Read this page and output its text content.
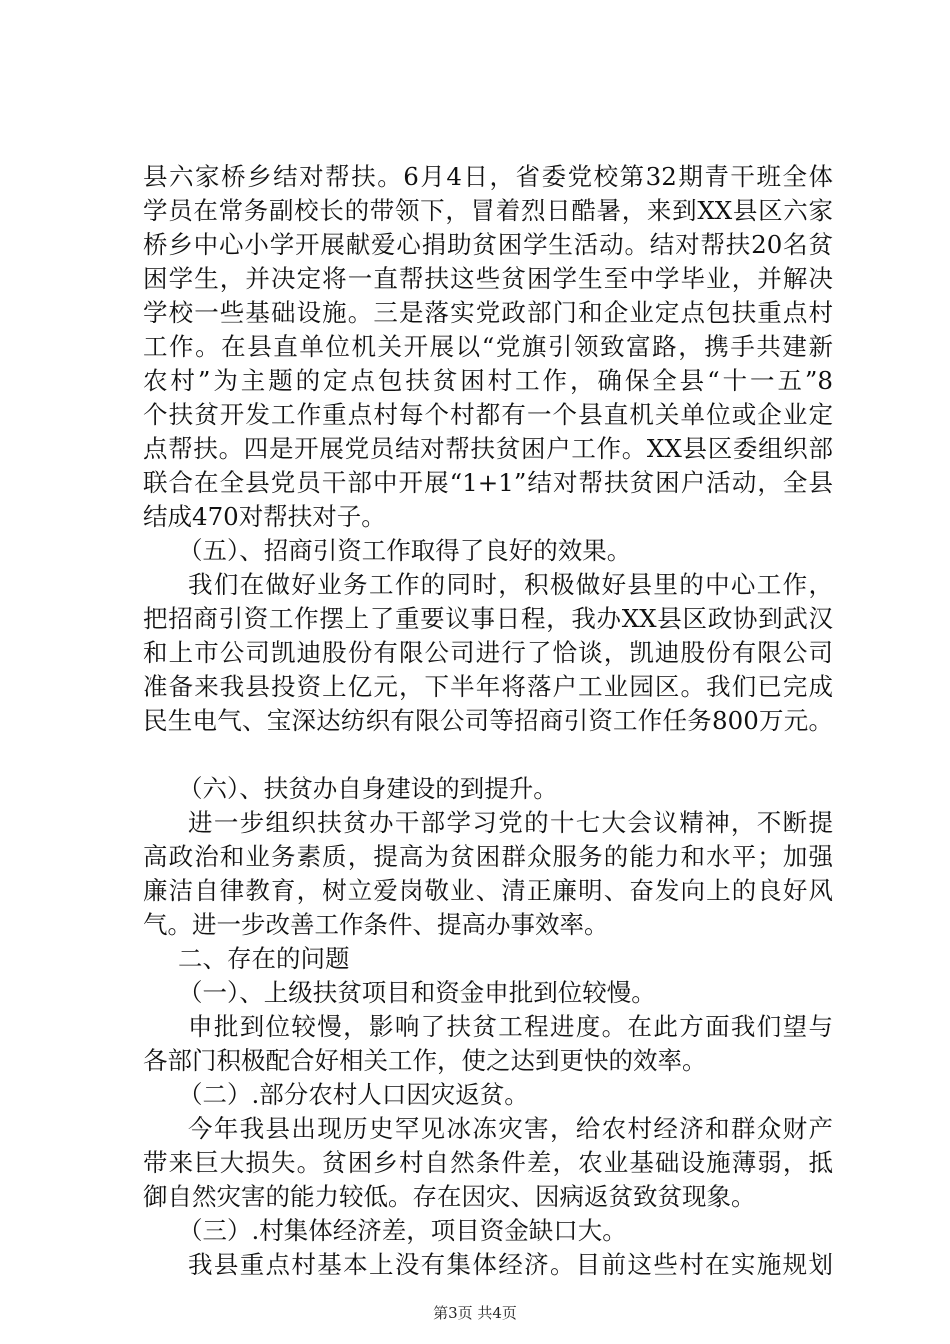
县六家桥乡结对帮扶。6月4日，省委党校第32期青干班全体
学员在常务副校长的带领下，冒着烈日酷暑，来到XX县区六家
桥乡中心小学开展献爱心捐助贫困学生活动。结对帮扶20名贫
困学生，并决定将一直帮扶这些贫困学生至中学毕业，并解决
学校一些基础设施。三是落实党政部门和企业定点包扶重点村
工作。在县直单位机关开展以“党旗引领致富路，携手共建新
农村”为主题的定点包扶贫困村工作，确保全县“十一五”8
个扶贫开发工作重点村每个村都有一个县直机关单位或企业定
点帮扶。四是开展党员结对帮扶贫困户工作。XX县区委组织部
联合在全县党员干部中开展“1+1”结对帮扶贫困户活动，全县
结成470对帮扶对子。
（五）、招商引资工作取得了良好的效果。
我们在做好业务工作的同时，积极做好县里的中心工作，
把招商引资工作摆上了重要议事日程，我办XX县区政协到武汉
和上市公司凯迪股份有限公司进行了恰谈，凯迪股份有限公司
准备来我县投资上亿元，下半年将落户工业园区。我们已完成
民生电气、宝深达纺织有限公司等招商引资工作任务800万元。
（六）、扶贫办自身建设的到提升。
进一步组织扶贫办干部学习党的十七大会议精神，不断提
高政治和业务素质，提高为贫困群众服务的能力和水平；加强
廉洁自律教育，树立爱岗敬业、清正廉明、奋发向上的良好风
气。进一步改善工作条件、提高办事效率。
二、存在的问题
（一）、上级扶贫项目和资金申批到位较慢。
申批到位较慢，影响了扶贫工程进度。在此方面我们望与
各部门积极配合好相关工作，使之达到更快的效率。
（二）.部分农村人口因灾返贫。
今年我县出现历史罕见冰冻灾害，给农村经济和群众财产
带来巨大损失。贫困乡村自然条件差，农业基础设施薄弱，抵
御自然灾害的能力较低。存在因灾、因病返贫致贫现象。
（三）.村集体经济差，项目资金缺口大。
我县重点村基本上没有集体经济。目前这些村在实施规划
第3页 共4页
